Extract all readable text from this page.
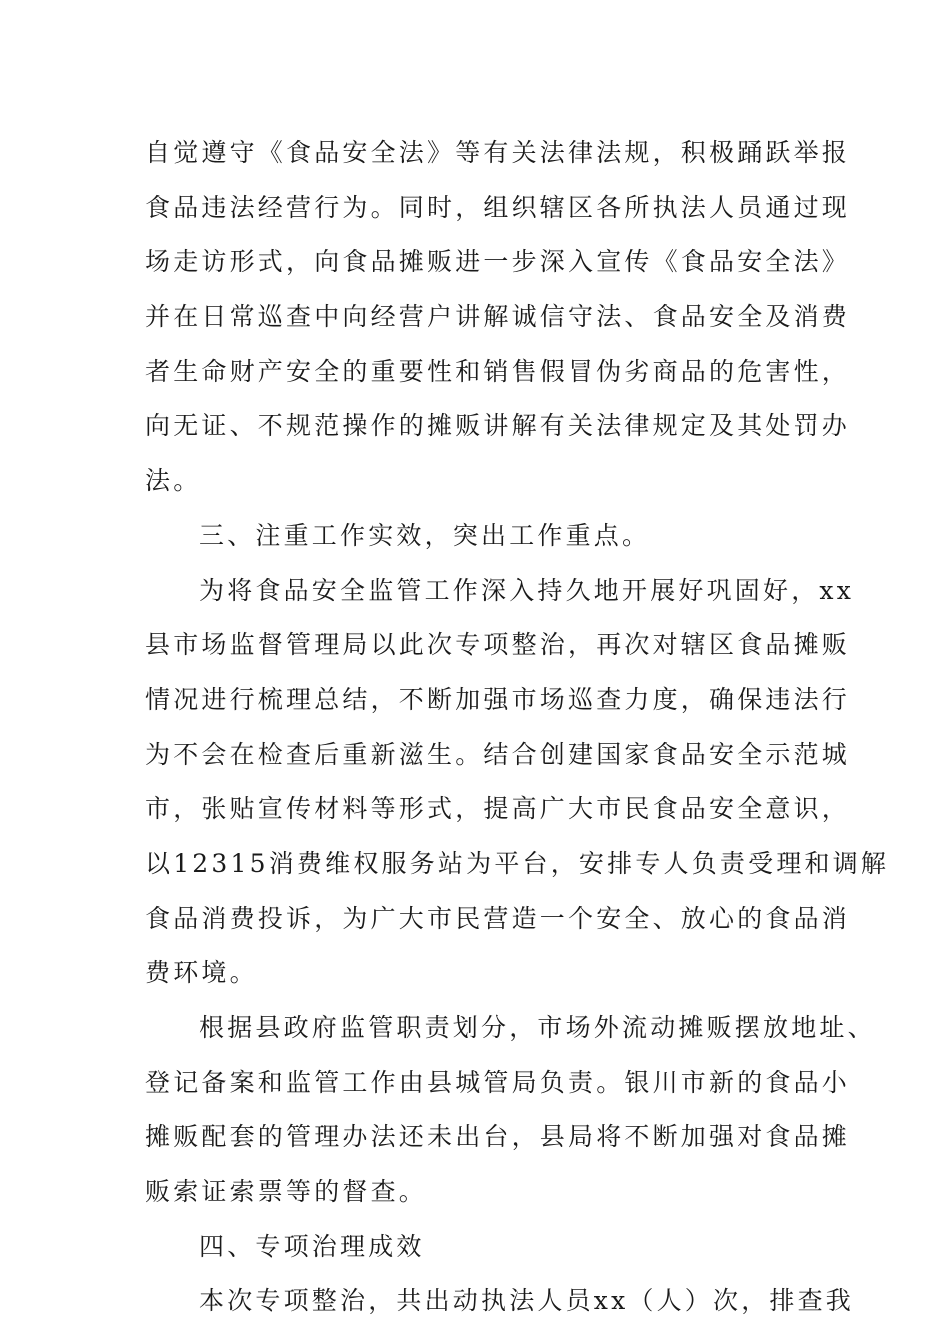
自觉遵守《食品安全法》等有关法律法规，积极踊跃举报
食品违法经营行为。同时，组织辖区各所执法人员通过现
场走访形式，向食品摊贩进一步深入宣传《食品安全法》
并在日常巡查中向经营户讲解诚信守法、食品安全及消费
者生命财产安全的重要性和销售假冒伪劣商品的危害性，
向无证、不规范操作的摊贩讲解有关法律规定及其处罚办
法。
三、注重工作实效，突出工作重点。
为将食品安全监管工作深入持久地开展好巩固好，xx
县市场监督管理局以此次专项整治，再次对辖区食品摊贩
情况进行梳理总结，不断加强市场巡查力度，确保违法行
为不会在检查后重新滋生。结合创建国家食品安全示范城
市，张贴宣传材料等形式，提高广大市民食品安全意识，
以12315消费维权服务站为平台，安排专人负责受理和调解
食品消费投诉，为广大市民营造一个安全、放心的食品消
费环境。
根据县政府监管职责划分，市场外流动摊贩摆放地址、
登记备案和监管工作由县城管局负责。银川市新的食品小
摊贩配套的管理办法还未出台，县局将不断加强对食品摊
贩索证索票等的督查。
四、专项治理成效
本次专项整治，共出动执法人员xx（人）次，排查我
